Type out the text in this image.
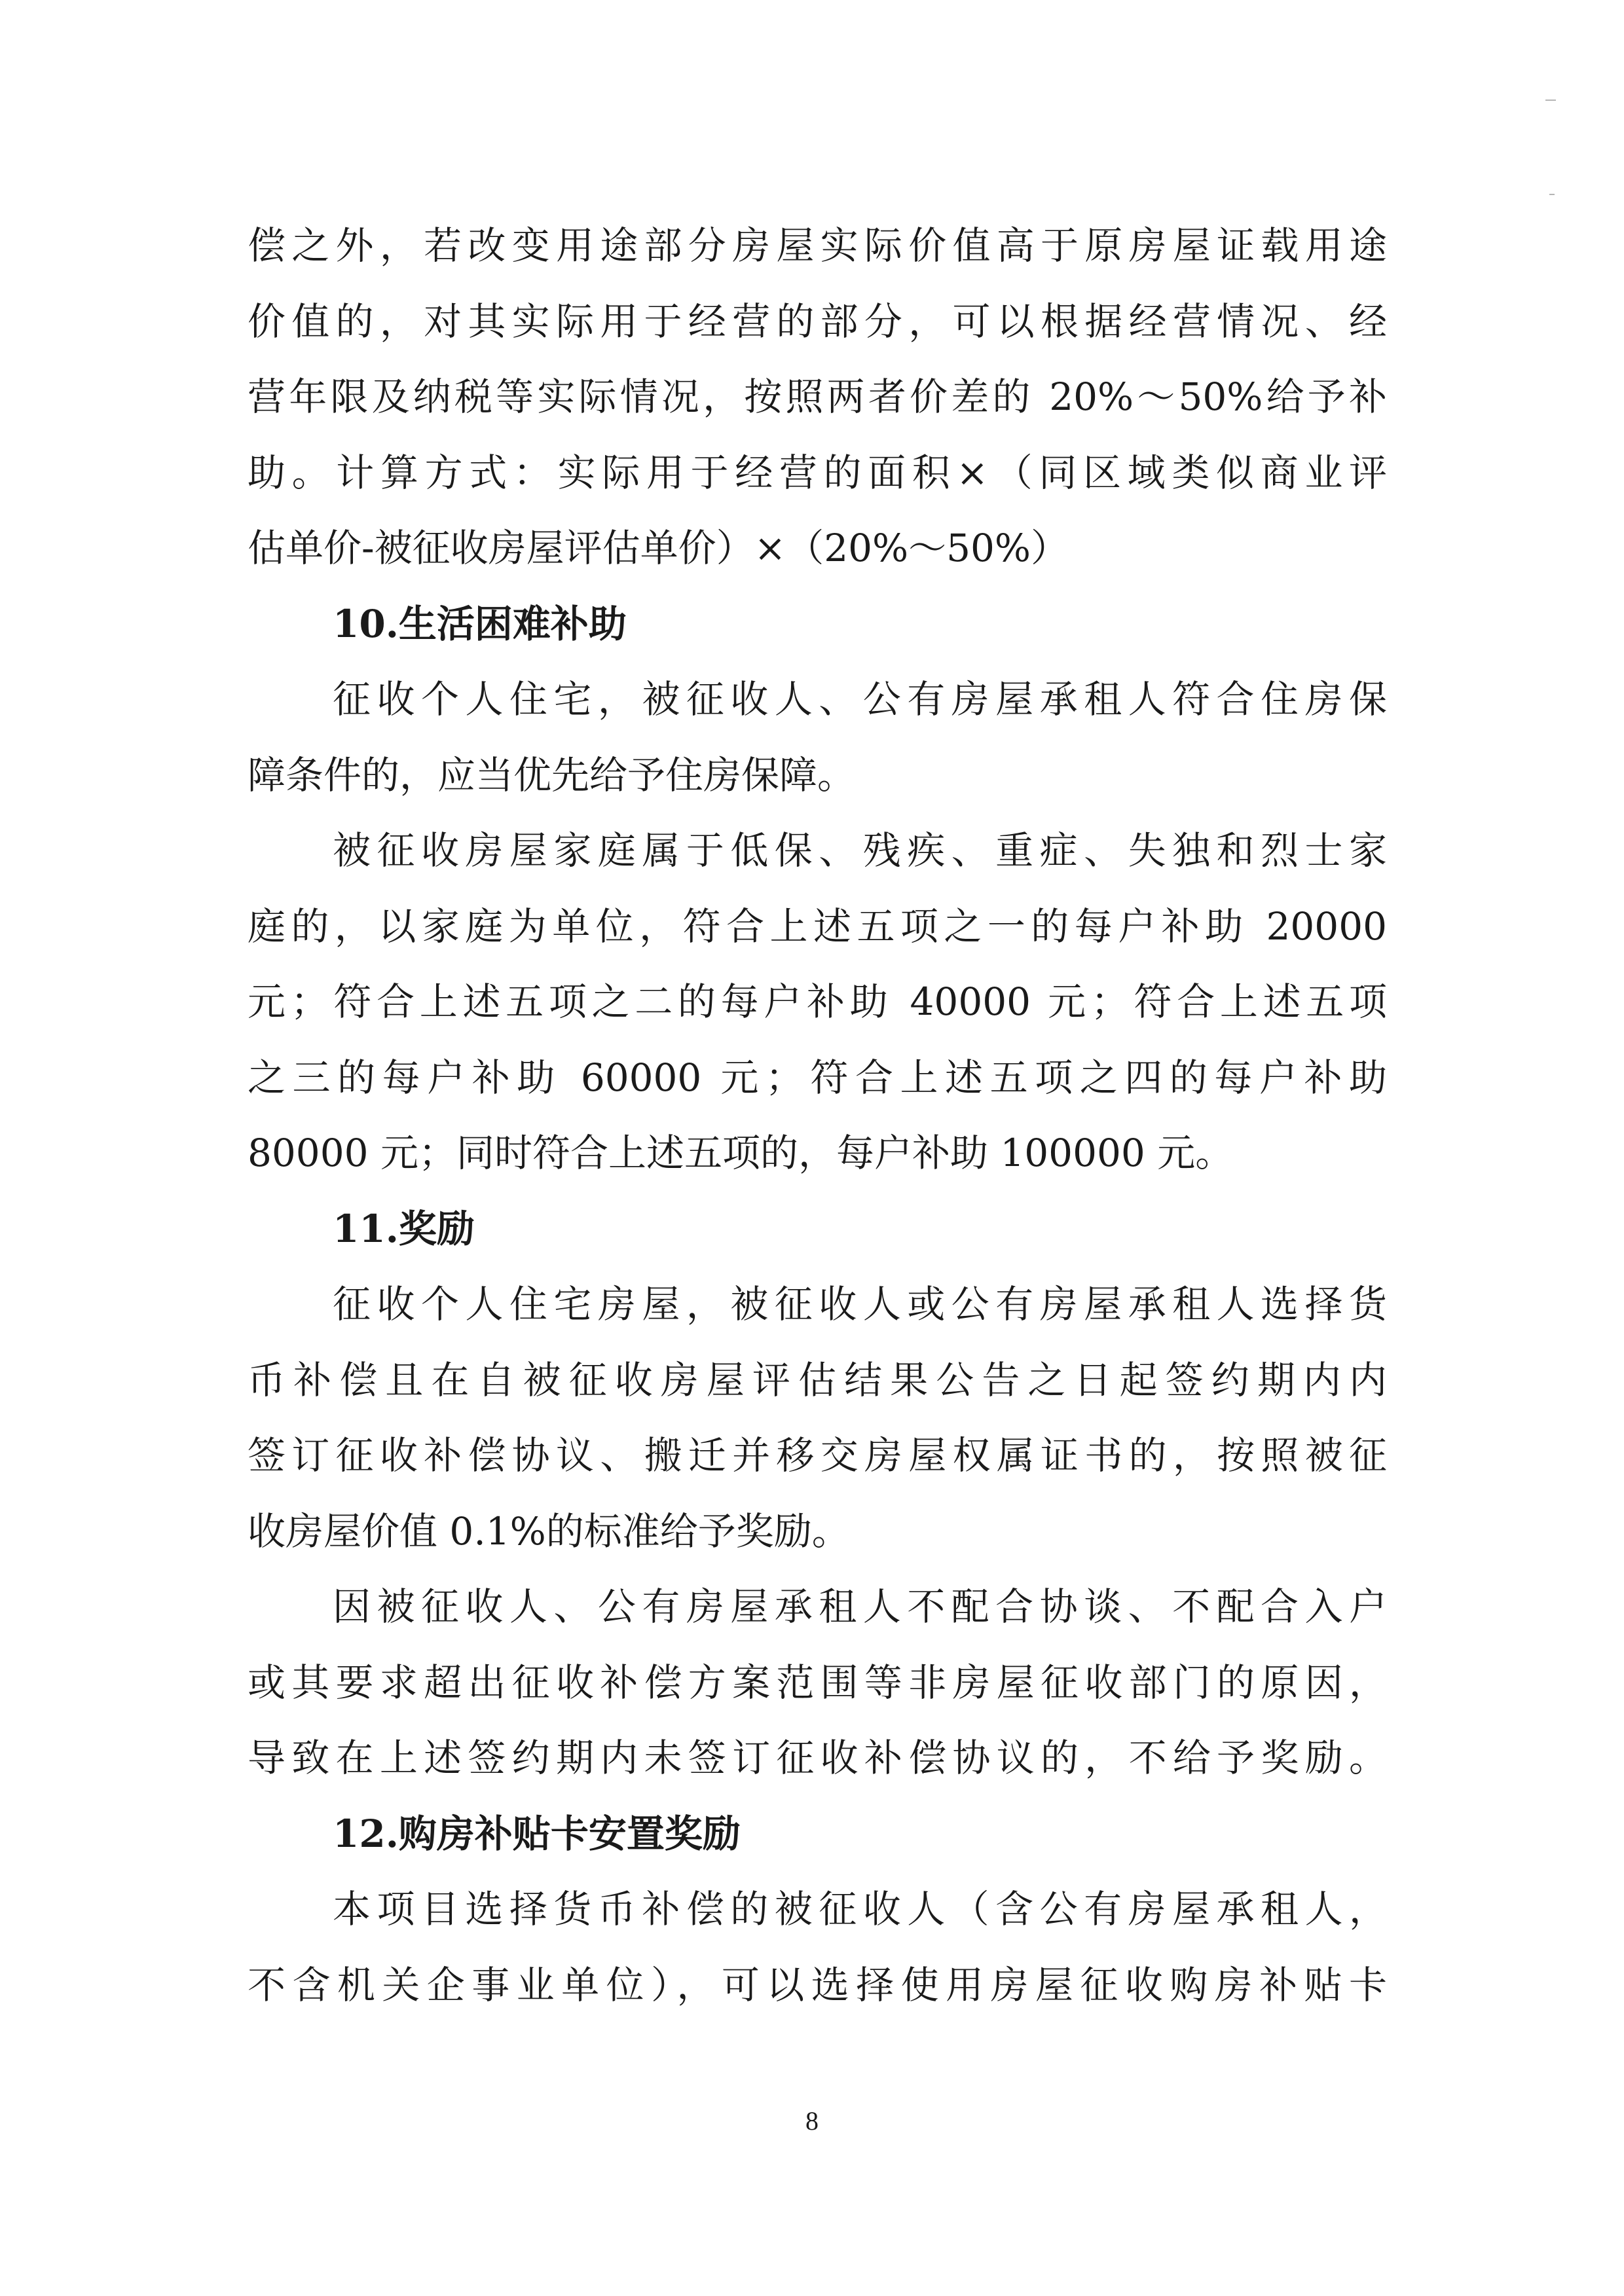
偿之外，若改变用途部分房屋实际价值高于原房屋证载用途
价值的，对其实际用于经营的部分，可以根据经营情况、经
营年限及纳税等实际情况，按照两者价差的 20%～50%给予补
助。计算方式：实际用于经营的面积×（同区域类似商业评
估单价-被征收房屋评估单价）×（20%～50%）
10.生活困难补助
征收个人住宅，被征收人、公有房屋承租人符合住房保
障条件的，应当优先给予住房保障。
被征收房屋家庭属于低保、残疾、重症、失独和烈士家
庭的，以家庭为单位，符合上述五项之一的每户补助 20000
元；符合上述五项之二的每户补助 40000 元；符合上述五项
之三的每户补助 60000 元；符合上述五项之四的每户补助
80000 元；同时符合上述五项的，每户补助 100000 元。
11.奖励
征收个人住宅房屋，被征收人或公有房屋承租人选择货
币补偿且在自被征收房屋评估结果公告之日起签约期内内
签订征收补偿协议、搬迁并移交房屋权属证书的，按照被征
收房屋价值 0.1%的标准给予奖励。
因被征收人、公有房屋承租人不配合协谈、不配合入户
或其要求超出征收补偿方案范围等非房屋征收部门的原因，
导致在上述签约期内未签订征收补偿协议的，不给予奖励。
12.购房补贴卡安置奖励
本项目选择货币补偿的被征收人（含公有房屋承租人，
不含机关企事业单位），可以选择使用房屋征收购房补贴卡
8
